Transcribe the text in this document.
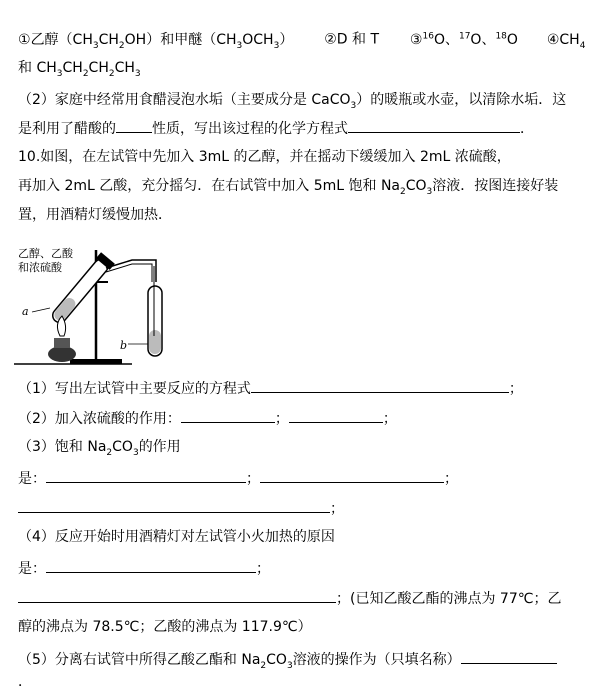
①乙醇$(CH_3CH_2OH)$和甲醚$(CH_3OCH_3)$ ②D 和 T ③$^{16}$O、$^{17}$O、$^{18}$O $④CH_4$
和 $CH_3CH_2CH_2CH_3$
（2）家庭中经常用食醋浸泡水垢（主要成分是 CaCO$_3$）的暖瓶或水壶，以清除水垢．这
是利用了醋酸的	性质，写出该过程的化学方程式	．
10.如图，在左试管中先加入 3mL 的乙醇，并在摇动下缓缓加入 2mL 浓硫酸，
再加入 2mL 乙酸，充分摇匀．在右试管中加入 5mL 饱和 $Na_2CO_3$溶液．按图连接好装
置，用酒精灯缓慢加热．
乙醇、乙酸
和浓硫酸
a
b
（1）写出左试管中主要反应的方程式	；
（2）加入浓硫酸的作用：	；	；
（3）饱和 $Na_2CO_3$的作用
是：	；	；
；
（4）反应开始时用酒精灯对左试管小火加热的原因
是：	；
；(已知乙酸乙酯的沸点为 77℃；乙
醇的沸点为 78.5℃；乙酸的沸点为 117.9℃）
（5）分离右试管中所得乙酸乙酯和 $Na_2CO_3$溶液的操作为（只填名称）
．
